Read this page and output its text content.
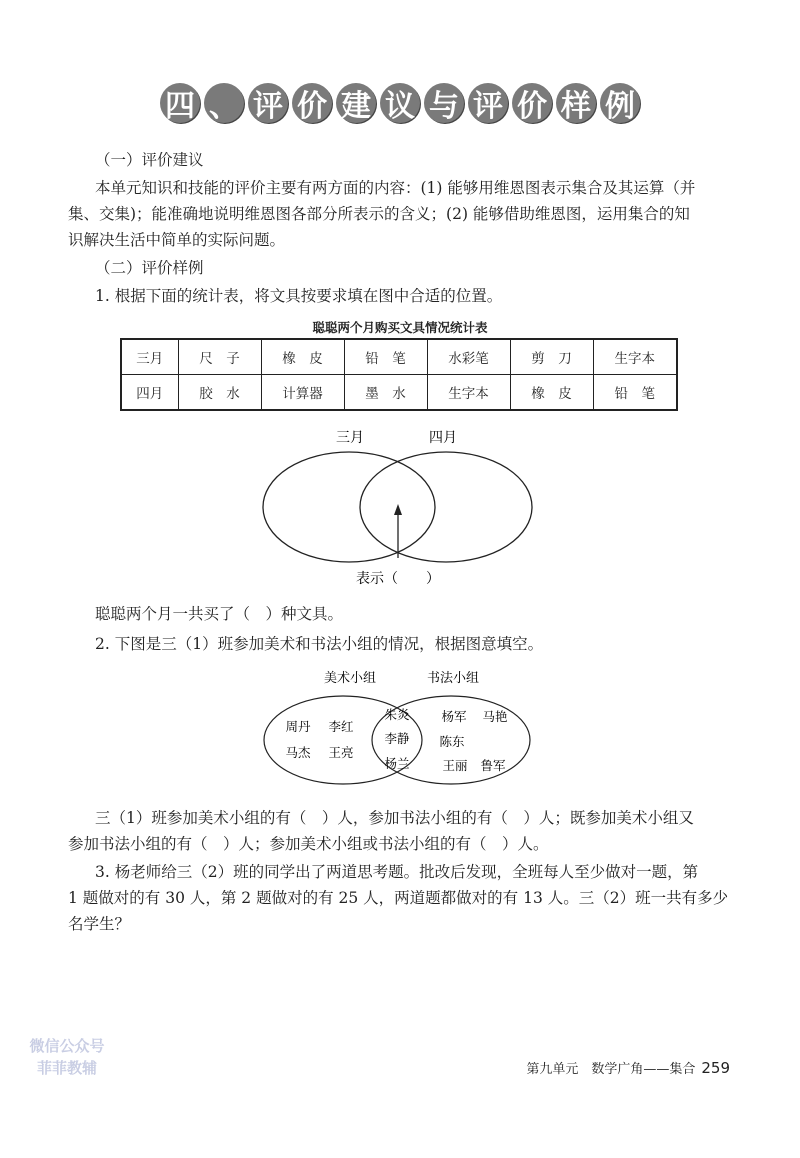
四 、 评 价 建 议 与 评 价 样 例
（一）评价建议
本单元知识和技能的评价主要有两方面的内容：(1) 能够用维恩图表示集合及其运算（并
集、交集)；能准确地说明维恩图各部分所表示的含义；(2) 能够借助维恩图，运用集合的知
识解决生活中简单的实际问题。
（二）评价样例
1. 根据下面的统计表，将文具按要求填在图中合适的位置。
聪聪两个月购买文具情况统计表
三月	尺　子	橡　皮	铅　笔	水彩笔	剪　刀	生字本
四月	胶　水	计算器	墨　水	生字本	橡　皮	铅　笔
三月	四月
表示（　　）
聪聪两个月一共买了（　）种文具。
2. 下图是三（1）班参加美术和书法小组的情况，根据图意填空。
美术小组	书法小组
周丹 李红
马杰 王亮
朱炎
李静
杨兰
杨军 马艳
陈东
王丽 鲁军
三（1）班参加美术小组的有（　）人，参加书法小组的有（　）人；既参加美术小组又
参加书法小组的有（　）人；参加美术小组或书法小组的有（　）人。
3. 杨老师给三（2）班的同学出了两道思考题。批改后发现，全班每人至少做对一题，第
1 题做对的有 30 人，第 2 题做对的有 25 人，两道题都做对的有 13 人。三（2）班一共有多少
名学生？
微信公众号
菲菲教辅	第九单元　数学广角——集合 259
